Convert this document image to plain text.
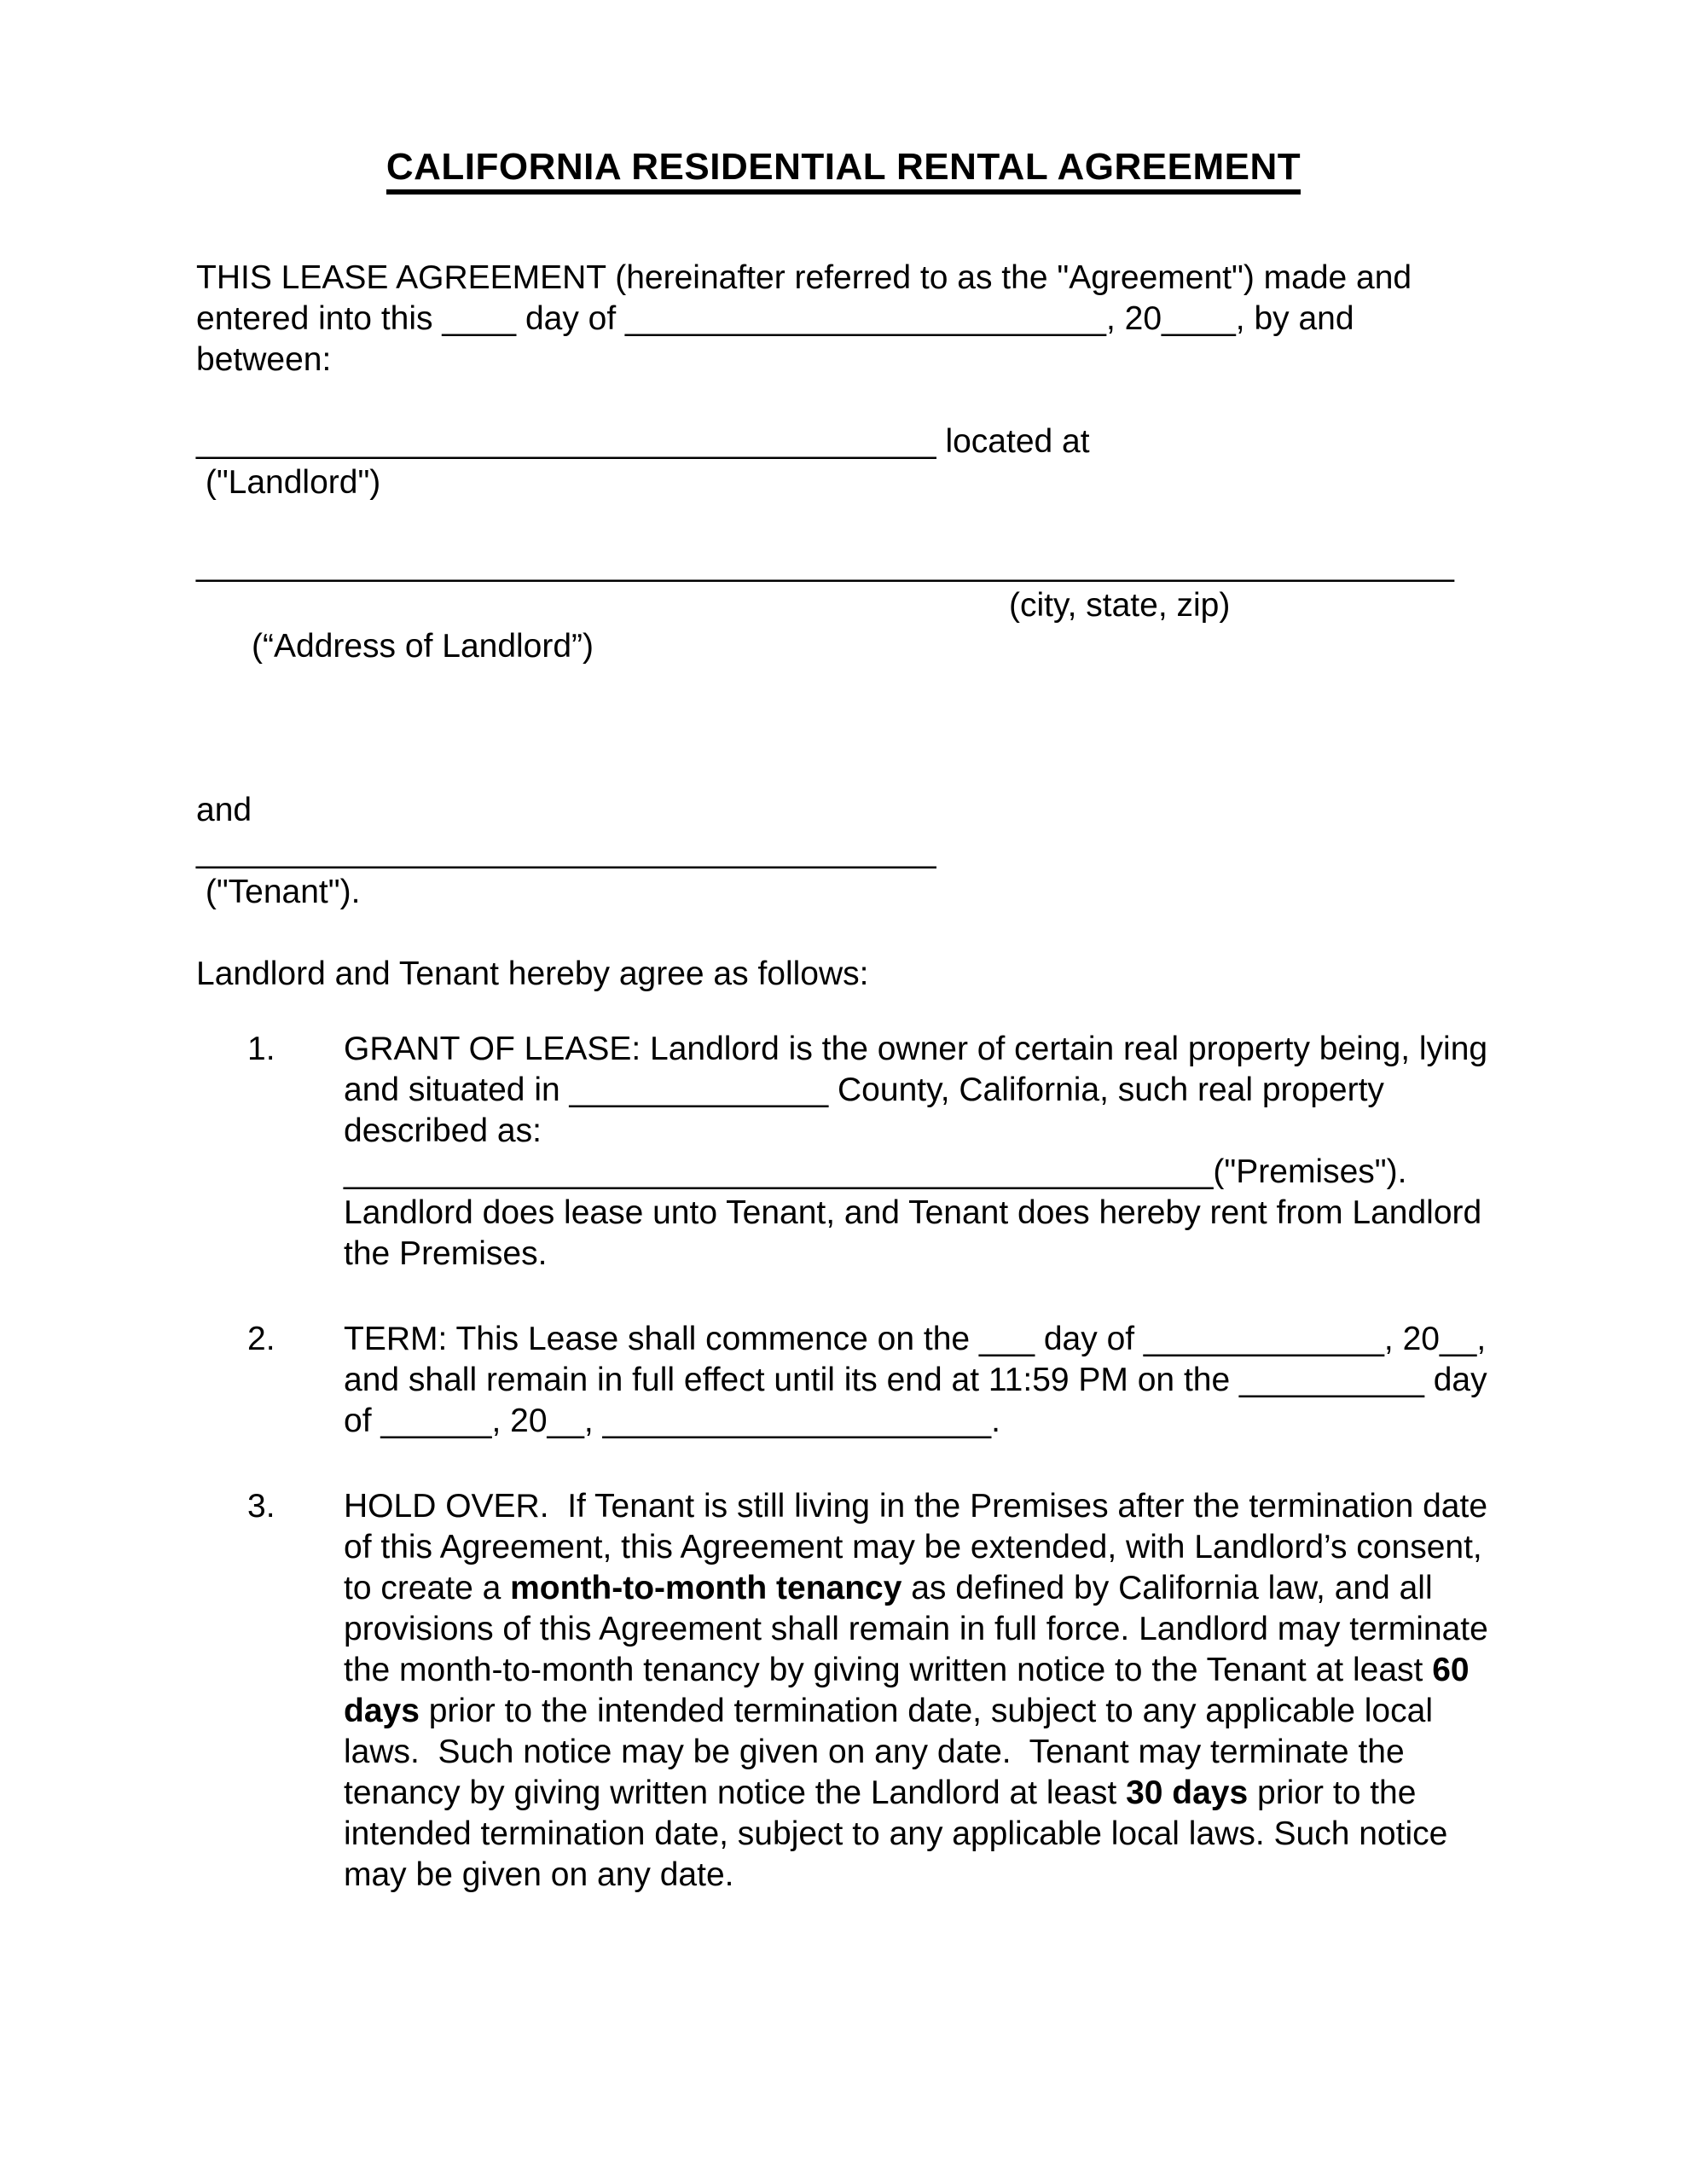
CALIFORNIA RESIDENTIAL RENTAL AGREEMENT

THIS LEASE AGREEMENT (hereinafter referred to as the "Agreement") made and entered into this ____ day of __________________________, 20____, by and between:

________________________________________ located at
("Landlord")
____________________________________________________________________

(“Address of Landlord”)

(city, state, zip)

and
________________________________________
("Tenant").

Landlord and Tenant hereby agree as follows:

1.	GRANT OF LEASE: Landlord is the owner of certain real property being, lying and situated in ______________ County, California, such real property described as:

_______________________________________________("Premises"). Landlord does lease unto Tenant, and Tenant does hereby rent from Landlord the Premises.

2.	TERM: This Lease shall commence on the ___ day of _____________, 20__, and shall remain in full effect until its end at 11:59 PM on the __________ day of ______, 20__, _____________________.

3.	HOLD OVER.  If Tenant is still living in the Premises after the termination date of this Agreement, this Agreement may be extended, with Landlord’s consent, to create a month-to-month tenancy as defined by California law, and all provisions of this Agreement shall remain in full force. Landlord may terminate the month-to-month tenancy by giving written notice to the Tenant at least 60 days prior to the intended termination date, subject to any applicable local laws.  Such notice may be given on any date.  Tenant may terminate the tenancy by giving written notice the Landlord at least 30 days prior to the intended termination date, subject to any applicable local laws. Such notice may be given on any date.
